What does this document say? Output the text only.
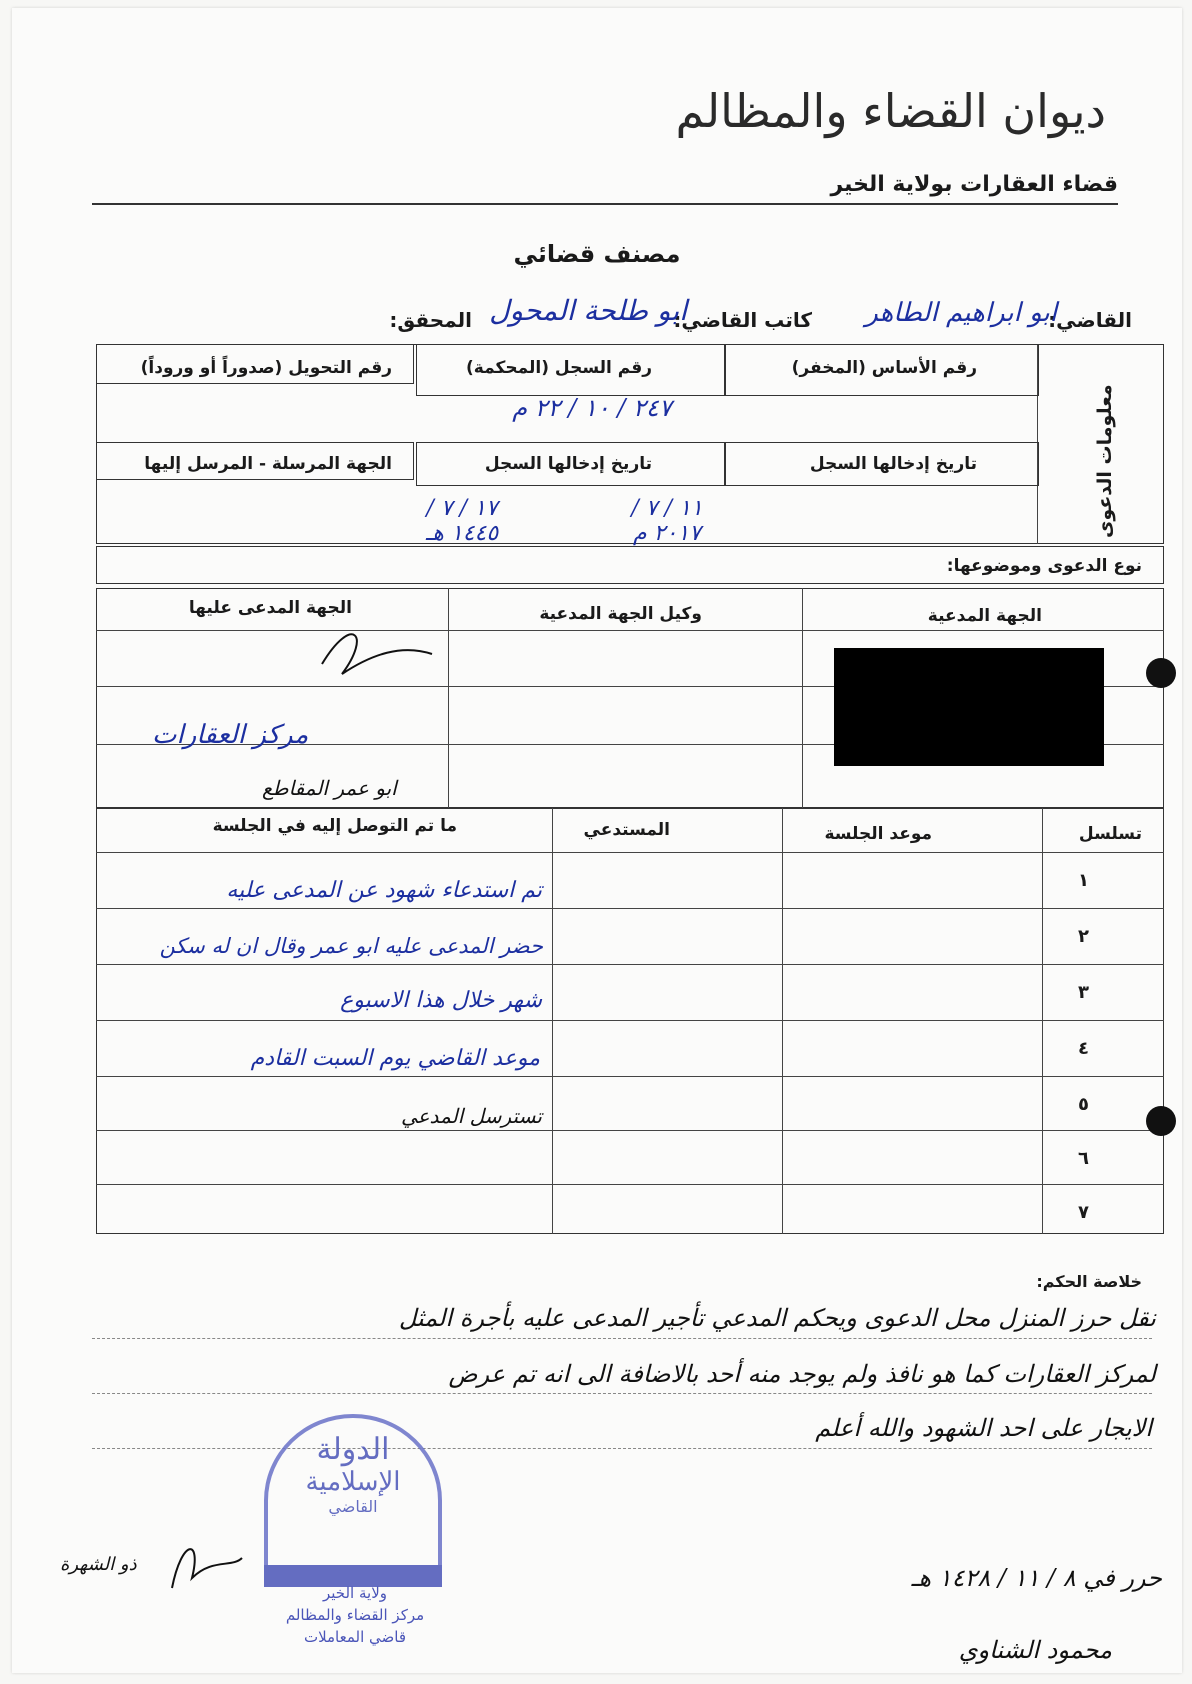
ديوان القضاء والمظالم
قضاء العقارات بولاية الخير
مصنف قضائي
القاضي:
ابو ابراهيم الطاهر
كاتب القاضي:
ابو طلحة المحول
المحقق:
معلومات الدعوى
رقم الأساس (المخفر)
رقم السجل (المحكمة)
رقم التحويل (صدوراً أو وروداً)
٢٤٧ / ١٠ / ٢٢ م
تاريخ إدخالها السجل
تاريخ إدخالها السجل
الجهة المرسلة - المرسل إليها
١١ / ٧ / ٢٠١٧ م
١٧ / ٧ / ١٤٤٥ هـ
نوع الدعوى وموضوعها:
الجهة المدعية
وكيل الجهة المدعية
الجهة المدعى عليها
مركز العقارات
ابو عمر المقاطع
تسلسل
موعد الجلسة
المستدعي
ما تم التوصل إليه في الجلسة
١
٢
٣
٤
٥
٦
٧
تم استدعاء شهود عن المدعى عليه
حضر المدعى عليه ابو عمر وقال ان له سكن
شهر خلال هذا الاسبوع
موعد القاضي يوم السبت القادم
تسترسل المدعي
خلاصة الحكم:
نقل حرز المنزل محل الدعوى ويحكم المدعي تأجير المدعى عليه بأجرة المثل
لمركز العقارات كما هو نافذ ولم يوجد منه أحد بالاضافة الى انه تم عرض
الايجار على احد الشهود والله أعلم
الدولة
الإسلامية
القاضي
ولاية الخير
مركز القضاء والمظالم
قاضي المعاملات
ذو الشهرة	حرر في ٨ / ١١ / ١٤٢٨ هـ
محمود الشناوي
